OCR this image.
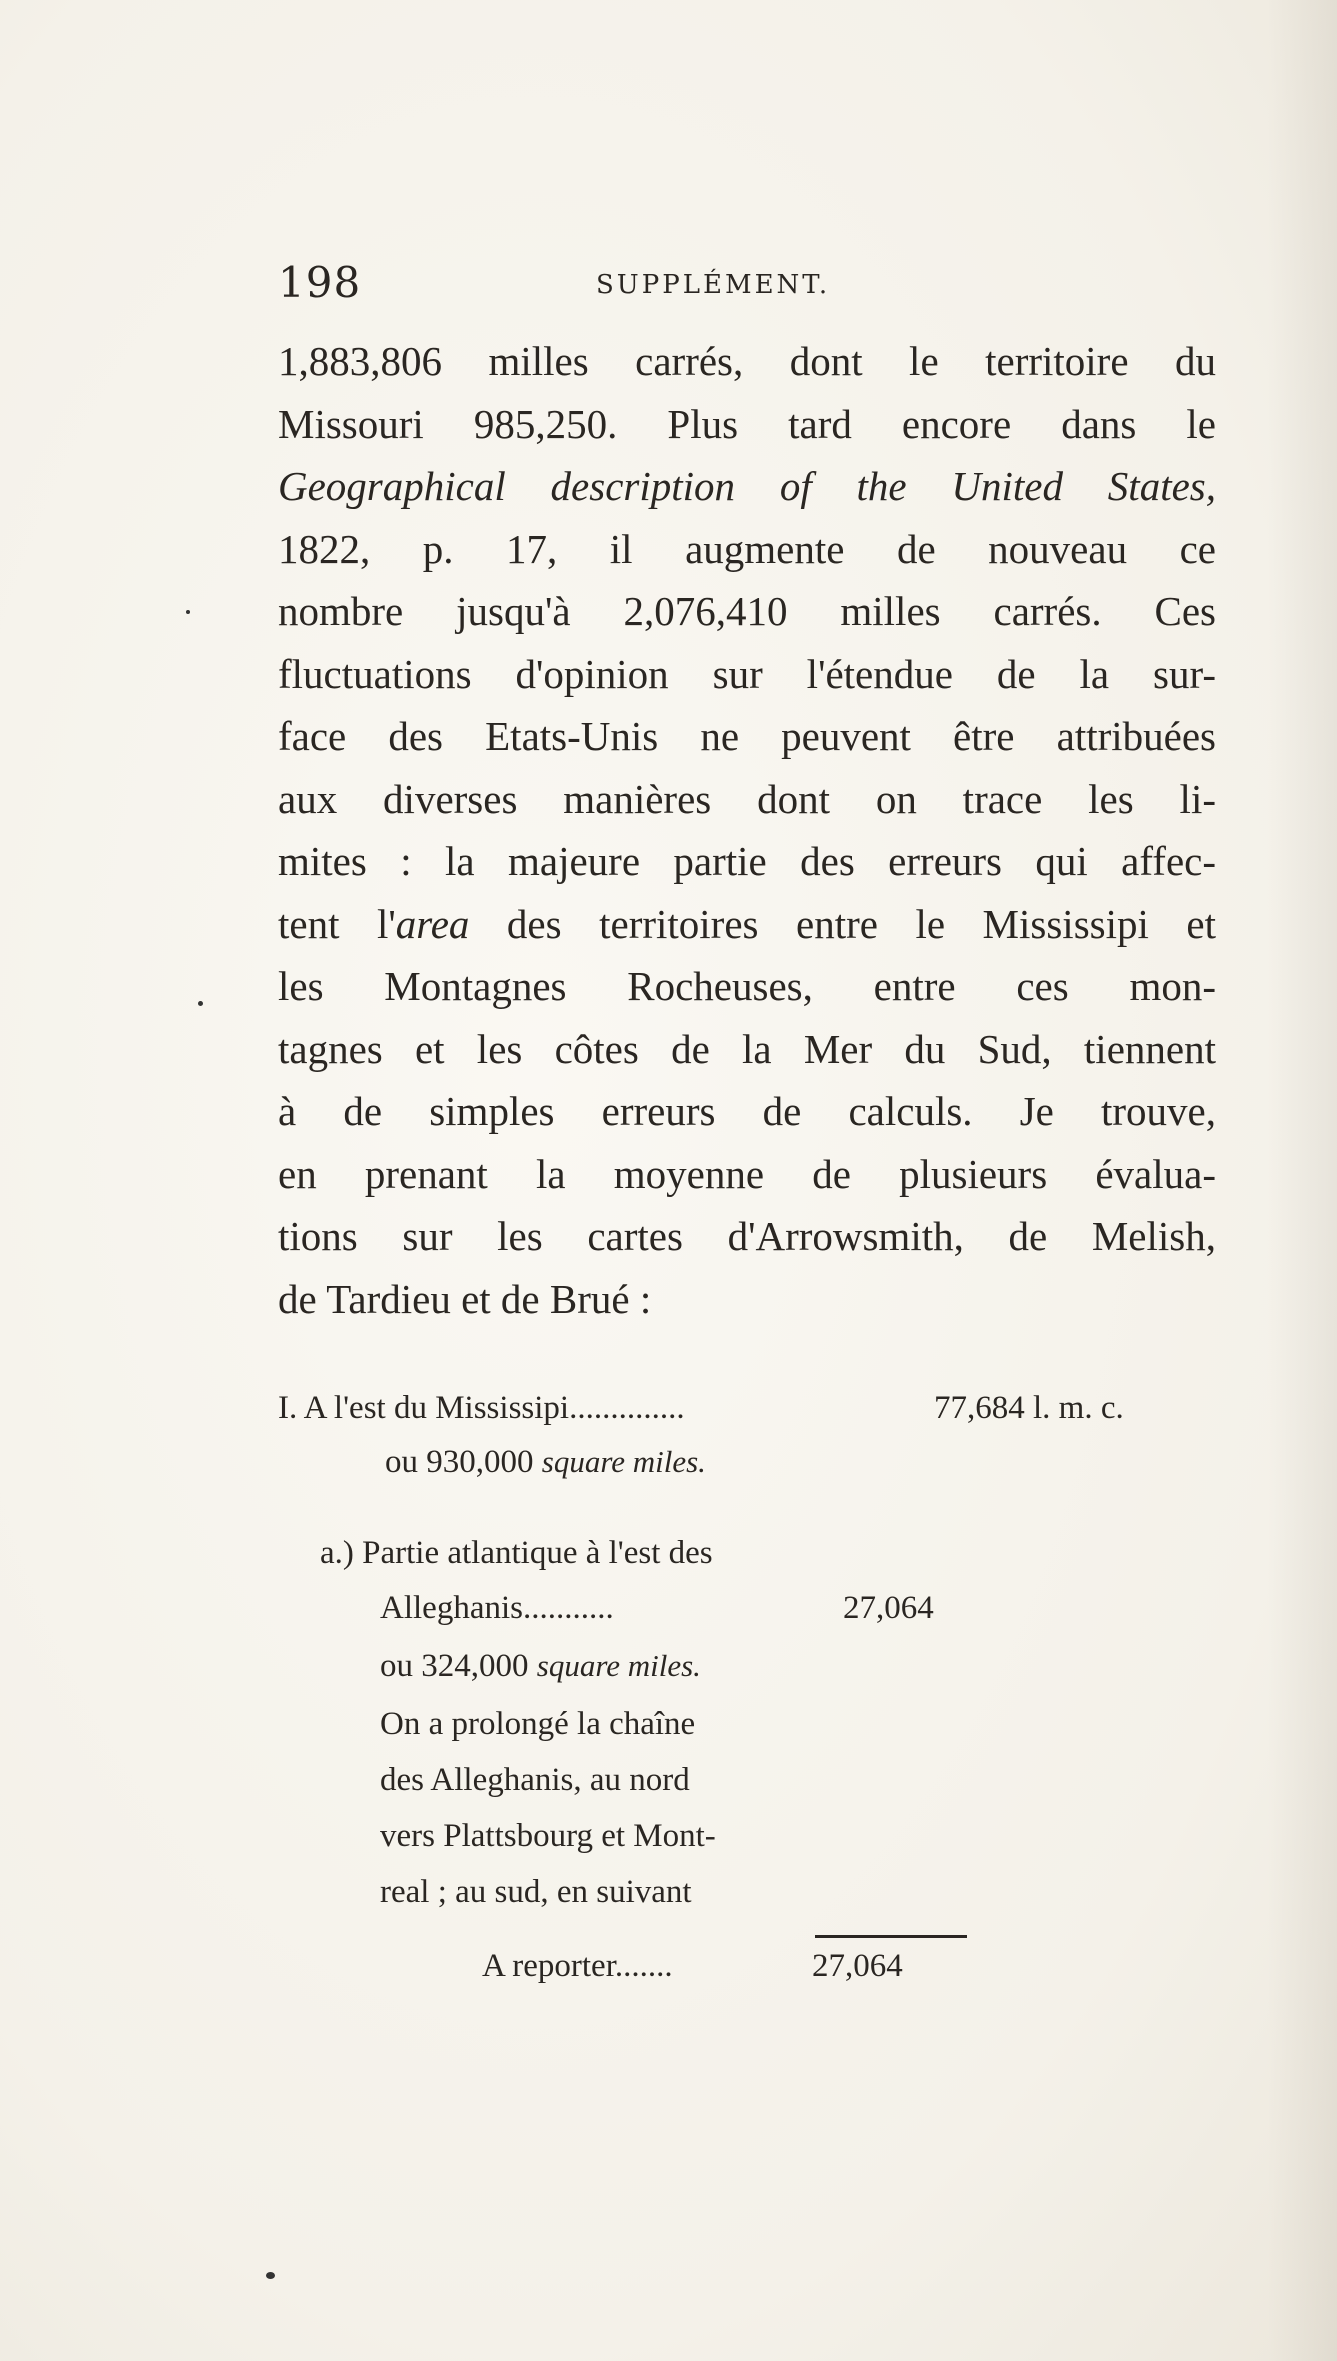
198	SUPPLÉMENT.
1,883,806 milles carrés, dont le territoire du
Missouri 985,250. Plus tard encore dans le
Geographical description of the United States,
1822, p. 17, il augmente de nouveau ce
nombre jusqu'à 2,076,410 milles carrés. Ces
fluctuations d'opinion sur l'étendue de la sur-
face des Etats-Unis ne peuvent être attribuées
aux diverses manières dont on trace les li-
mites : la majeure partie des erreurs qui affec-
tent l'area des territoires entre le Mississipi et
les Montagnes Rocheuses, entre ces mon-
tagnes et les côtes de la Mer du Sud, tiennent
à de simples erreurs de calculs. Je trouve,
en prenant la moyenne de plusieurs évalua-
tions sur les cartes d'Arrowsmith, de Melish,
de Tardieu et de Brué :
I. A l'est du Mississipi..............	77,684 l. m. c.
ou 930,000 square miles.
a.) Partie atlantique à l'est des
Alleghanis...........	27,064
ou 324,000 square miles.
On a prolongé la chaîne
des Alleghanis, au nord
vers Plattsbourg et Mont-
real ; au sud, en suivant
A reporter.......	27,064
